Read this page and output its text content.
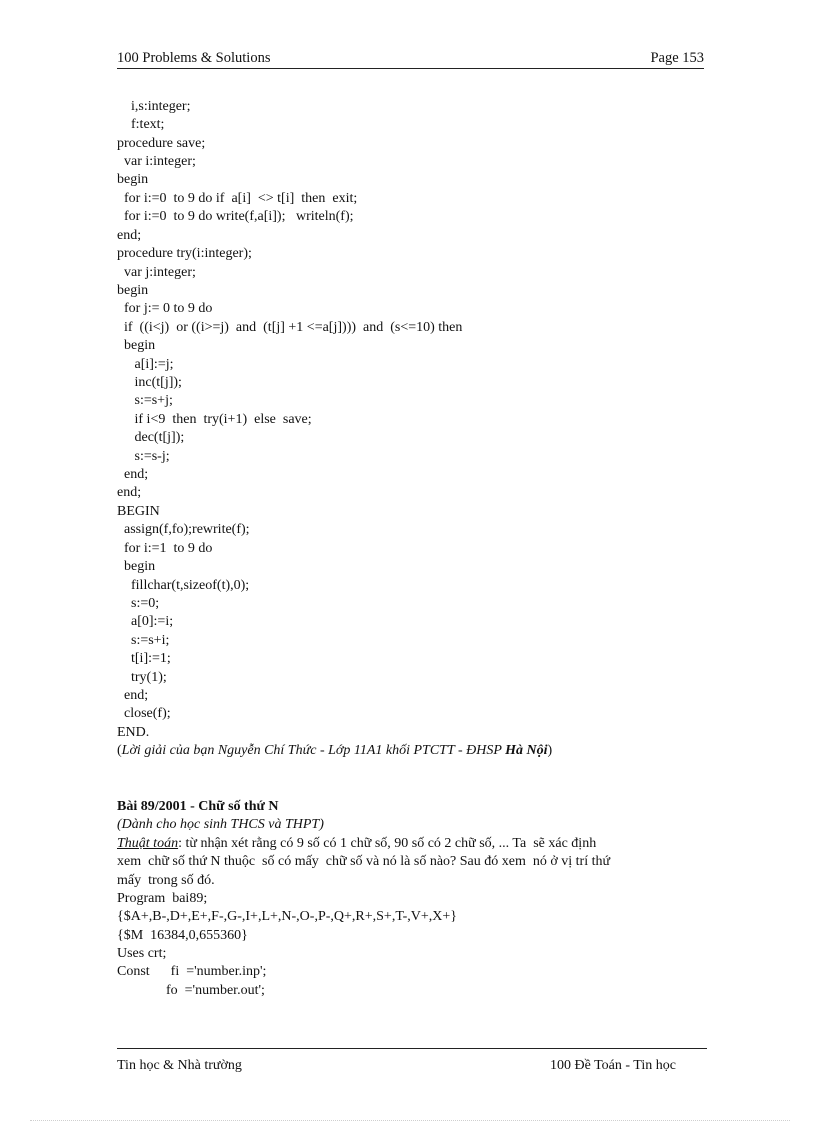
100 Problems & Solutions	Page 153
i,s:integer;
f:text;
procedure save;
var i:integer;
begin
for i:=0  to 9 do if  a[i]  <> t[i]  then  exit;
for i:=0  to 9 do write(f,a[i]);   writeln(f);
end;
procedure try(i:integer);
var j:integer;
begin
for j:= 0 to 9 do
if  ((i<j)  or ((i>=j)  and  (t[j] +1 <=a[j])))  and  (s<=10) then
begin
a[i]:=j;
inc(t[j]);
s:=s+j;
if i<9  then  try(i+1)  else  save;
dec(t[j]);
s:=s-j;
end;
end;
BEGIN
assign(f,fo);rewrite(f);
for i:=1  to 9 do
begin
fillchar(t,sizeof(t),0);
s:=0;
a[0]:=i;
s:=s+i;
t[i]:=1;
try(1);
end;
close(f);
END.
(Lời giải của bạn Nguyễn Chí Thức - Lớp 11A1 khối PTCTT - ĐHSP Hà Nội)
Bài 89/2001 - Chữ số thứ N
(Dành cho học sinh THCS và THPT)
Thuật toán: từ nhận xét rằng có 9 số có 1 chữ số, 90 số có 2 chữ số, ... Ta  sẽ xác định
xem  chữ số thứ N thuộc  số có mấy  chữ số và nó là số nào? Sau đó xem  nó ở vị trí thứ
mấy  trong số đó.
Program  bai89;
{$A+,B-,D+,E+,F-,G-,I+,L+,N-,O-,P-,Q+,R+,S+,T-,V+,X+}
{$M  16384,0,655360}
Uses crt;
Const      fi  ='number.inp';
fo  ='number.out';
Tin học & Nhà trường	100 Đề Toán - Tin học
